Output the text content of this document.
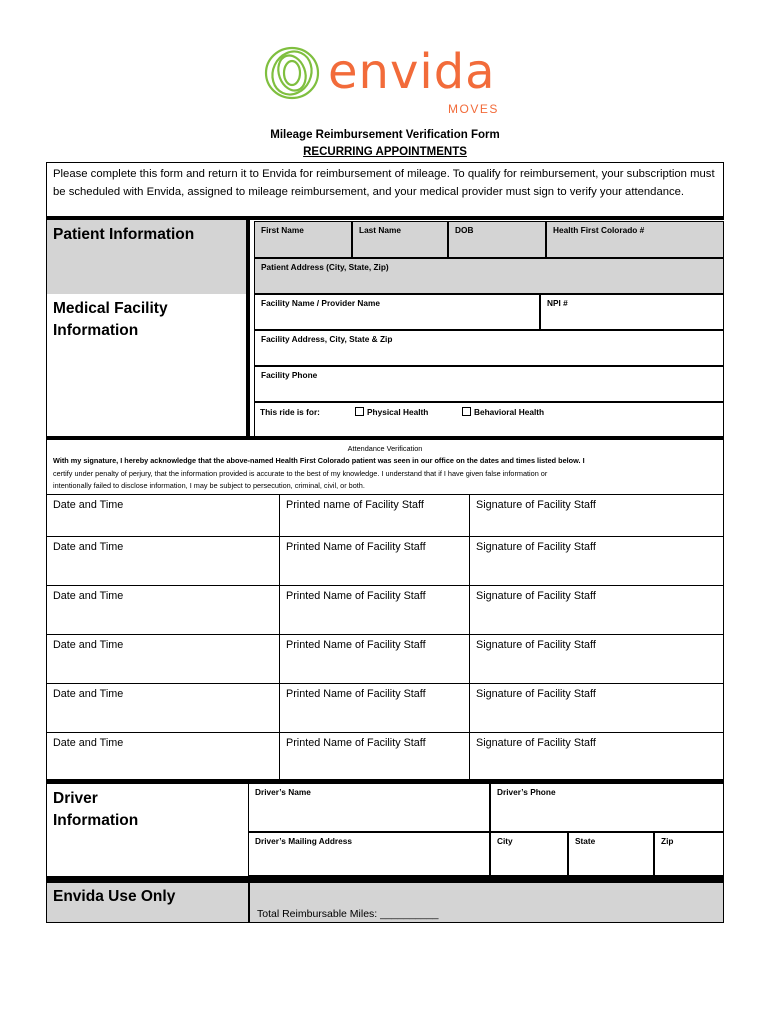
envida
MOVES
Mileage Reimbursement Verification Form
RECURRING APPOINTMENTS
Please complete this form and return it to Envida for reimbursement of mileage. To qualify for reimbursement, your subscription must be scheduled with Envida, assigned to mileage reimbursement, and your medical provider must sign to verify your attendance.
Patient Information	First Name	Last Name	DOB	Health First Colorado #
Patient Address (City, State, Zip)
Medical Facility
Information
Facility Name / Provider Name	NPI #
Facility Address, City, State & Zip
Facility Phone
This ride is for:	Physical Health	Behavioral Health
Attendance Verification
With my signature, I hereby acknowledge that the above-named Health First Colorado patient was seen in our office on the dates and times listed below. I
certify under penalty of perjury, that the information provided is accurate to the best of my knowledge. I understand that if I have given false information or
intentionally failed to disclose information, I may be subject to persecution, criminal, civil, or both.
Date and Time	Printed name of Facility Staff	Signature of Facility Staff
Date and Time	Printed Name of Facility Staff	Signature of Facility Staff
Date and Time	Printed Name of Facility Staff	Signature of Facility Staff
Date and Time	Printed Name of Facility Staff	Signature of Facility Staff
Date and Time	Printed Name of Facility Staff	Signature of Facility Staff
Date and Time	Printed Name of Facility Staff	Signature of Facility Staff
Driver
Information
Driver’s Name	Driver’s Phone
Driver’s Mailing Address	City	State	Zip
Envida Use Only
Total Reimbursable Miles: __________
